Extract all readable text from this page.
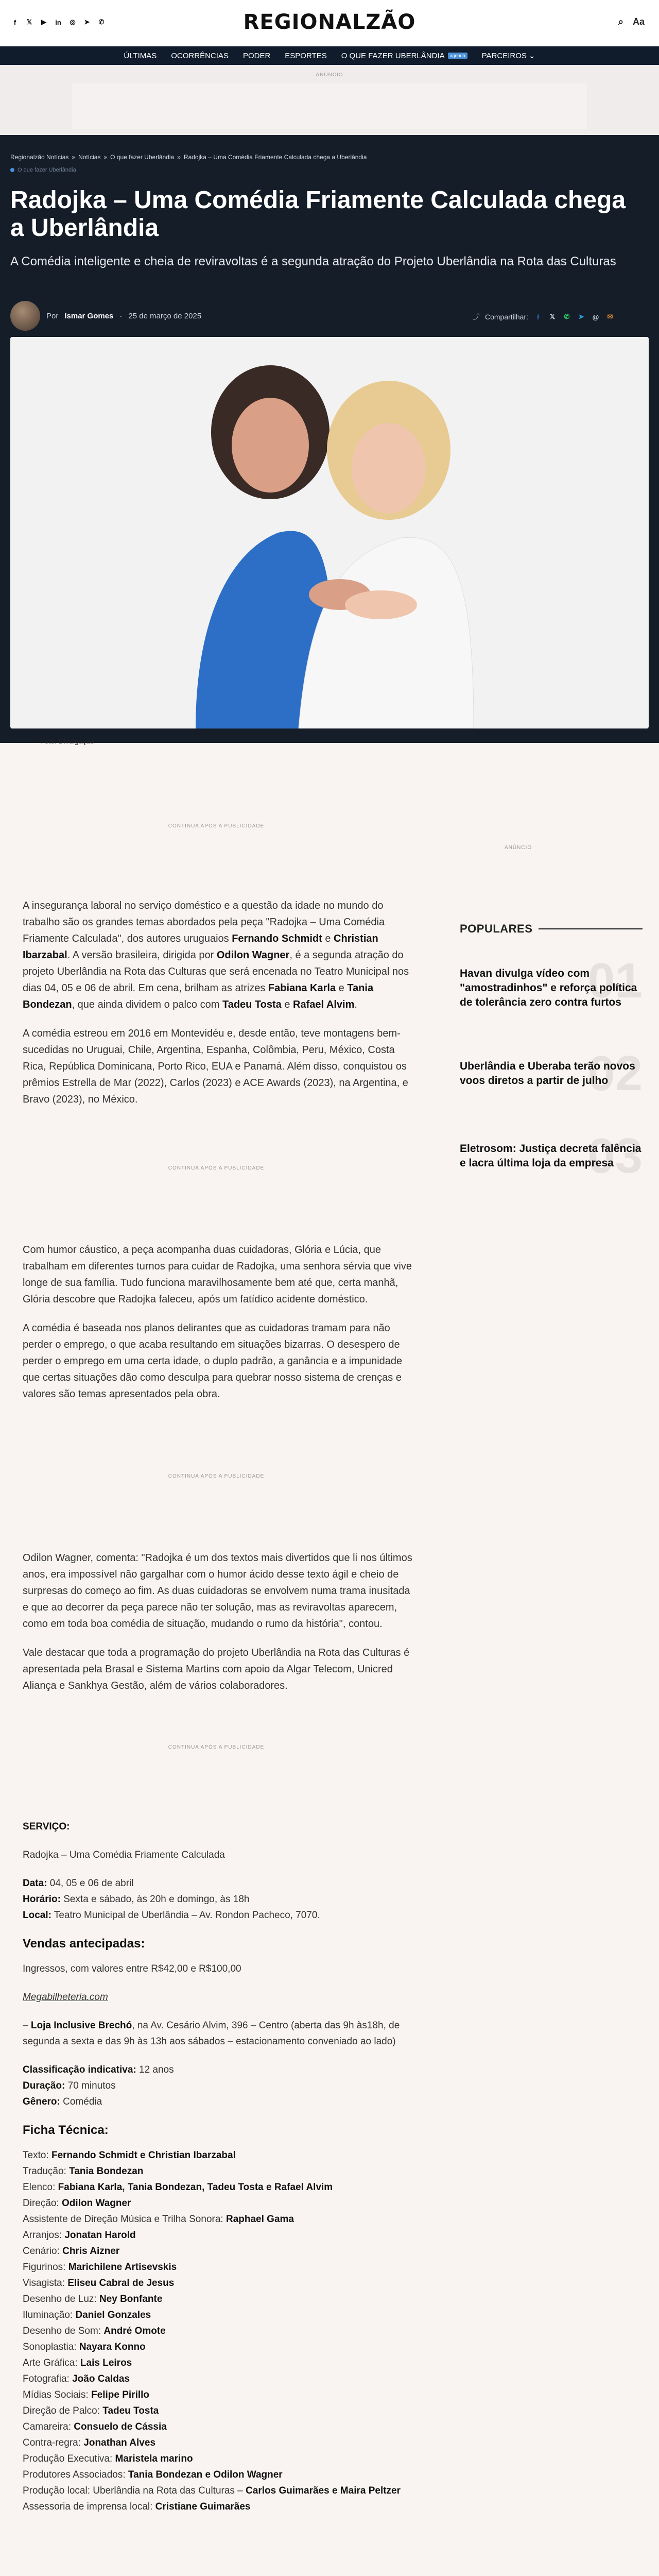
f	𝕏	▶	in ◎ ➤ ✆	REGIONALZÃO	⌕ Aa
ÚLTIMAS OCORRÊNCIAS PODER ESPORTES O QUE FAZER UBERLÂNDIA	agenda PARCEIROS ⌄
ANÚNCIO
Regionalzão Notícias » Notícias » O que fazer Uberlândia » Radojka – Uma Comédia Friamente Calculada chega a Uberlândia
O que fazer Uberlândia
Radojka – Uma Comédia Friamente Calculada chega a Uberlândia
A Comédia inteligente e cheia de reviravoltas é a segunda atração do Projeto Uberlândia na Rota das Culturas
Por Ismar Gomes · 25 de março de 2025	⤴ Compartilhar:	f	𝕏 ✆ ➤ @ ✉
Foto: Divulgação
CONTINUA APÓS A PUBLICIDADE
ANÚNCIO

A insegurança laboral no serviço doméstico e a questão da idade no mundo do trabalho são os grandes temas abordados pela peça "Radojka – Uma Comédia Friamente Calculada", dos autores uruguaios Fernando Schmidt e Christian Ibarzabal. A versão brasileira, dirigida por Odilon Wagner, é a segunda atração do projeto Uberlândia na Rota das Culturas que será encenada no Teatro Municipal nos dias 04, 05 e 06 de abril. Em cena, brilham as atrizes Fabiana Karla e Tania Bondezan, que ainda dividem o palco com Tadeu Tosta e Rafael Alvim.

A comédia estreou em 2016 em Montevidéu e, desde então, teve montagens bem-sucedidas no Uruguai, Chile, Argentina, Espanha, Colômbia, Peru, México, Costa Rica, República Dominicana, Porto Rico, EUA e Panamá. Além disso, conquistou os prêmios Estrella de Mar (2022), Carlos (2023) e ACE Awards (2023), na Argentina, e Bravo (2023), no México.

CONTINUA APÓS A PUBLICIDADE

Com humor cáustico, a peça acompanha duas cuidadoras, Glória e Lúcia, que trabalham em diferentes turnos para cuidar de Radojka, uma senhora sérvia que vive longe de sua família. Tudo funciona maravilhosamente bem até que, certa manhã, Glória descobre que Radojka faleceu, após um fatídico acidente doméstico.

A comédia é baseada nos planos delirantes que as cuidadoras tramam para não perder o emprego, o que acaba resultando em situações bizarras. O desespero de perder o emprego em uma certa idade, o duplo padrão, a ganância e a impunidade que certas situações dão como desculpa para quebrar nosso sistema de crenças e valores são temas apresentados pela obra.

CONTINUA APÓS A PUBLICIDADE

Odilon Wagner, comenta: "Radojka é um dos textos mais divertidos que li nos últimos anos, era impossível não gargalhar com o humor ácido desse texto ágil e cheio de surpresas do começo ao fim. As duas cuidadoras se envolvem numa trama inusitada e que ao decorrer da peça parece não ter solução, mas as reviravoltas aparecem, como em toda boa comédia de situação, mudando o rumo da história", contou.

Vale destacar que toda a programação do projeto Uberlândia na Rota das Culturas é apresentada pela Brasal e Sistema Martins com apoio da Algar Telecom, Unicred Aliança e Sankhya Gestão, além de vários colaboradores.

CONTINUA APÓS A PUBLICIDADE

SERVIÇO:

Radojka – Uma Comédia Friamente Calculada

Data: 04, 05 e 06 de abril
Horário: Sexta e sábado, às 20h e domingo, às 18h
Local: Teatro Municipal de Uberlândia – Av. Rondon Pacheco, 7070.

Vendas antecipadas:

Ingressos, com valores entre R$42,00 e R$100,00

Megabilheteria.com

– Loja Inclusive Brechó, na Av. Cesário Alvim, 396 – Centro (aberta das 9h às18h, de segunda a sexta e das 9h às 13h aos sábados – estacionamento conveniado ao lado)

Classificação indicativa: 12 anos
Duração: 70 minutos
Gênero: Comédia

Ficha Técnica:
Texto: Fernando Schmidt e Christian Ibarzabal
Tradução: Tania Bondezan
Elenco: Fabiana Karla, Tania Bondezan, Tadeu Tosta e Rafael Alvim
Direção: Odilon Wagner
Assistente de Direção Música e Trilha Sonora: Raphael Gama
Arranjos: Jonatan Harold
Cenário: Chris Aizner
Figurinos: Marichilene Artisevskis
Visagista: Eliseu Cabral de Jesus
Desenho de Luz: Ney Bonfante
Iluminação: Daniel Gonzales
Desenho de Som: André Omote
Sonoplastia: Nayara Konno
Arte Gráfica: Lais Leiros
Fotografia: João Caldas
Mídias Sociais: Felipe Pirillo
Direção de Palco: Tadeu Tosta
Camareira: Consuelo de Cássia
Contra-regra: Jonathan Alves
Produção Executiva: Maristela marino
Produtores Associados: Tania Bondezan e Odilon Wagner
Produção local: Uberlândia na Rota das Culturas – Carlos Guimarães e Maira Peltzer
Assessoria de imprensa local: Cristiane Guimarães
POPULARES
01
Havan divulga vídeo com "amostradinhos" e reforça política de tolerância zero contra furtos
02
Uberlândia e Uberaba terão novos voos diretos a partir de julho
03
Eletrosom: Justiça decreta falência e lacra última loja da empresa
